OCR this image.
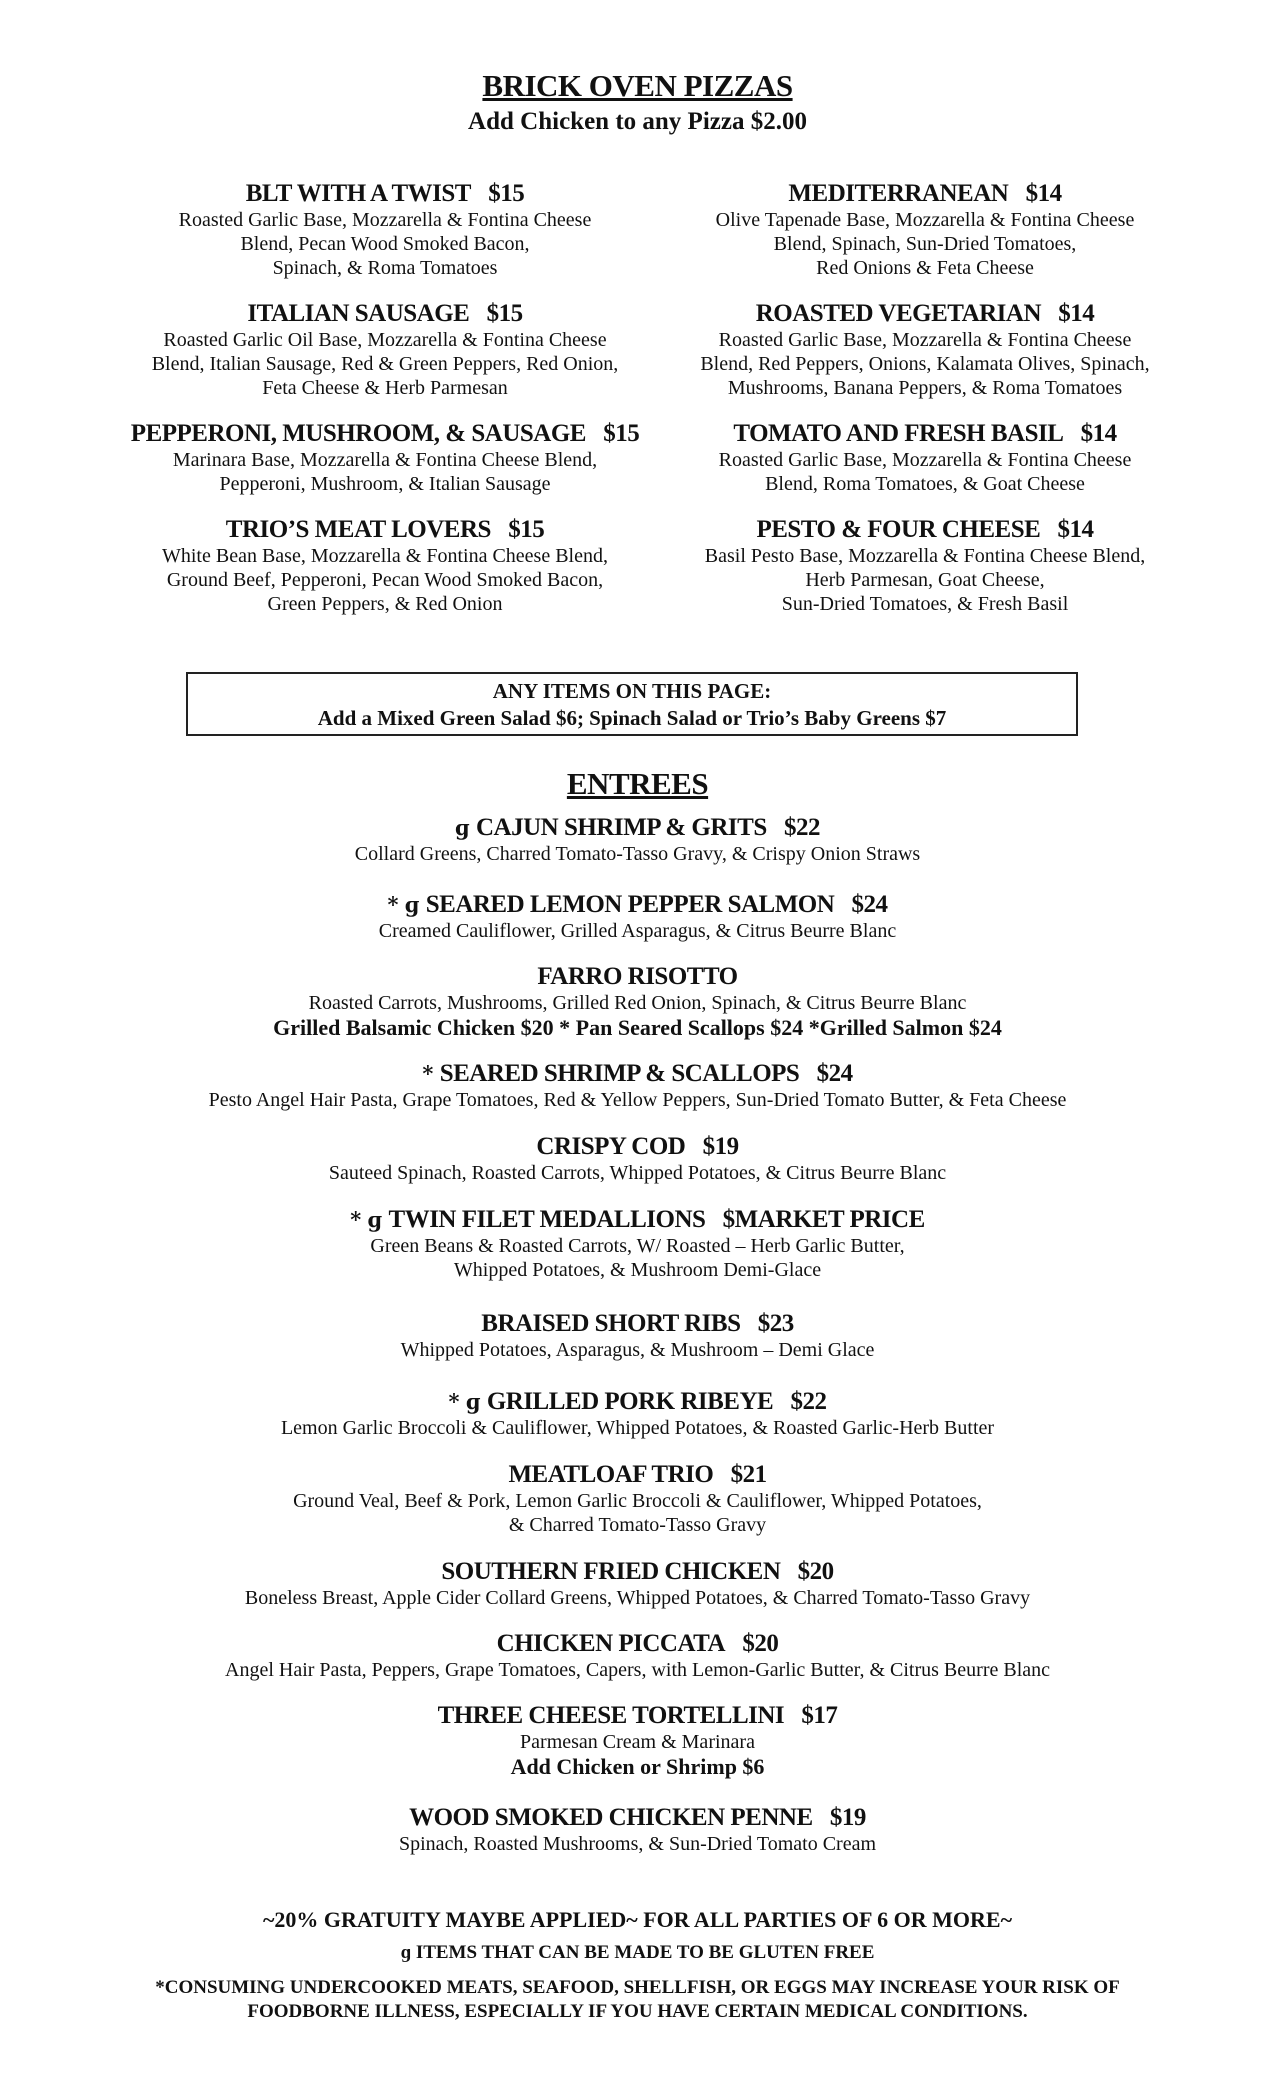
BRICK OVEN PIZZAS
Add Chicken to any Pizza $2.00
BLT WITH A TWIST $15
Roasted Garlic Base, Mozzarella & Fontina Cheese
Blend, Pecan Wood Smoked Bacon,
Spinach, & Roma Tomatoes
ITALIAN SAUSAGE $15
Roasted Garlic Oil Base, Mozzarella & Fontina Cheese
Blend, Italian Sausage, Red & Green Peppers, Red Onion,
Feta Cheese & Herb Parmesan
PEPPERONI, MUSHROOM, & SAUSAGE $15
Marinara Base, Mozzarella & Fontina Cheese Blend,
Pepperoni, Mushroom, & Italian Sausage
TRIO’S MEAT LOVERS $15
White Bean Base, Mozzarella & Fontina Cheese Blend,
Ground Beef, Pepperoni, Pecan Wood Smoked Bacon,
Green Peppers, & Red Onion
MEDITERRANEAN $14
Olive Tapenade Base, Mozzarella & Fontina Cheese
Blend, Spinach, Sun-Dried Tomatoes,
Red Onions & Feta Cheese
ROASTED VEGETARIAN $14
Roasted Garlic Base, Mozzarella & Fontina Cheese
Blend, Red Peppers, Onions, Kalamata Olives, Spinach,
Mushrooms, Banana Peppers, & Roma Tomatoes
TOMATO AND FRESH BASIL $14
Roasted Garlic Base, Mozzarella & Fontina Cheese
Blend, Roma Tomatoes, & Goat Cheese
PESTO & FOUR CHEESE $14
Basil Pesto Base, Mozzarella & Fontina Cheese Blend,
Herb Parmesan, Goat Cheese,
Sun-Dried Tomatoes, & Fresh Basil
ANY ITEMS ON THIS PAGE:
Add a Mixed Green Salad $6; Spinach Salad or Trio’s Baby Greens $7
ENTREES
ɡ CAJUN SHRIMP & GRITS $22
Collard Greens, Charred Tomato-Tasso Gravy, & Crispy Onion Straws
* ɡ SEARED LEMON PEPPER SALMON $24
Creamed Cauliflower, Grilled Asparagus, & Citrus Beurre Blanc
FARRO RISOTTO
Roasted Carrots, Mushrooms, Grilled Red Onion, Spinach, & Citrus Beurre Blanc
Grilled Balsamic Chicken $20 * Pan Seared Scallops $24 *Grilled Salmon $24
* SEARED SHRIMP & SCALLOPS $24
Pesto Angel Hair Pasta, Grape Tomatoes, Red & Yellow Peppers, Sun-Dried Tomato Butter, & Feta Cheese
CRISPY COD $19
Sauteed Spinach, Roasted Carrots, Whipped Potatoes, & Citrus Beurre Blanc
* ɡ TWIN FILET MEDALLIONS $MARKET PRICE
Green Beans & Roasted Carrots, W/ Roasted – Herb Garlic Butter,
Whipped Potatoes, & Mushroom Demi-Glace
BRAISED SHORT RIBS $23
Whipped Potatoes, Asparagus, & Mushroom – Demi Glace
* ɡ GRILLED PORK RIBEYE $22
Lemon Garlic Broccoli & Cauliflower, Whipped Potatoes, & Roasted Garlic-Herb Butter
MEATLOAF TRIO $21
Ground Veal, Beef & Pork, Lemon Garlic Broccoli & Cauliflower, Whipped Potatoes,
& Charred Tomato-Tasso Gravy
SOUTHERN FRIED CHICKEN $20
Boneless Breast, Apple Cider Collard Greens, Whipped Potatoes, & Charred Tomato-Tasso Gravy
CHICKEN PICCATA $20
Angel Hair Pasta, Peppers, Grape Tomatoes, Capers, with Lemon-Garlic Butter, & Citrus Beurre Blanc
THREE CHEESE TORTELLINI $17
Parmesan Cream & Marinara
Add Chicken or Shrimp $6
WOOD SMOKED CHICKEN PENNE $19
Spinach, Roasted Mushrooms, & Sun-Dried Tomato Cream
~20% GRATUITY MAYBE APPLIED~ FOR ALL PARTIES OF 6 OR MORE~
ɡ ITEMS THAT CAN BE MADE TO BE GLUTEN FREE
*CONSUMING UNDERCOOKED MEATS, SEAFOOD, SHELLFISH, OR EGGS MAY INCREASE YOUR RISK OF
FOODBORNE ILLNESS, ESPECIALLY IF YOU HAVE CERTAIN MEDICAL CONDITIONS.
